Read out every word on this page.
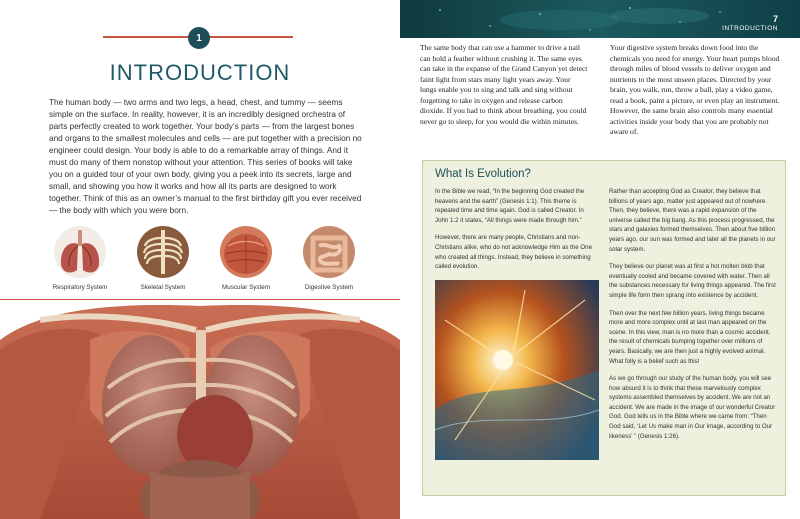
1
INTRODUCTION
The human body — two arms and two legs, a head, chest, and tummy — seems simple on the surface. In reality, however, it is an incredibly designed orchestra of parts perfectly created to work together. Your body’s parts — from the largest bones and organs to the smallest molecules and cells — are put together with a precision no engineer could design. Your body is able to do a remarkable array of things. And it must do many of them nonstop without your attention. This series of books will take you on a guided tour of your own body, giving you a peek into its secrets, large and small, and showing you how it works and how all its parts are designed to work together. Think of this as an owner’s manual to the first birthday gift you ever received — the body with which you were born.
Respiratory System	Skeletal System	Muscular System	Digestive System
7
INTRODUCTION
The same body that can use a hammer to drive a nail can hold a feather without crushing it. The same eyes can take in the expanse of the Grand Canyon yet detect faint light from stars many light years away. Your lungs enable you to sing and talk and sing without forgetting to take in oxygen and release carbon dioxide. If you had to think about breathing, you could never go to sleep, for you would die within minutes.
Your digestive system breaks down food into the chemicals you need for energy. Your heart pumps blood through miles of blood vessels to deliver oxygen and nutrients to the most unseen places. Directed by your brain, you walk, run, throw a ball, play a video game, read a book, paint a picture, or even play an instrument. However, the same brain also controls many essential activities inside your body that you are probably not aware of.
What Is Evolution?

In the Bible we read, “In the beginning God created the heavens and the earth” (Genesis 1:1). This theme is repeated time and time again. God is called Creator. In John 1:2 it states, “All things were made through him.”

However, there are many people, Christians and non-Christians alike, who do not acknowledge Him as the One who created all things. Instead, they believe in something called evolution.

Rather than accepting God as Creator, they believe that billions of years ago, matter just appeared out of nowhere. Then, they believe, there was a rapid expansion of the universe called the big bang. As this process progressed, the stars and galaxies formed themselves. Then about five billion years ago, our sun was formed and later all the planets in our solar system.

They believe our planet was at first a hot molten blob that eventually cooled and became covered with water. Then all the substances necessary for living things appeared. The first simple life form then sprang into existence by accident.

Then over the next few billion years, living things became more and more complex until at last man appeared on the scene. In this view, man is no more than a cosmic accident, the result of chemicals bumping together over millions of years. Basically, we are then just a highly evolved animal. What folly is a belief such as this!

As we go through our study of the human body, you will see how absurd it is to think that these marvelously complex systems assembled themselves by accident. We are not an accident. We are made in the image of our wonderful Creator God. God tells us in the Bible where we came from: “Then God said, ‘Let Us make man in Our image, according to Our likeness’ ” (Genesis 1:26).
